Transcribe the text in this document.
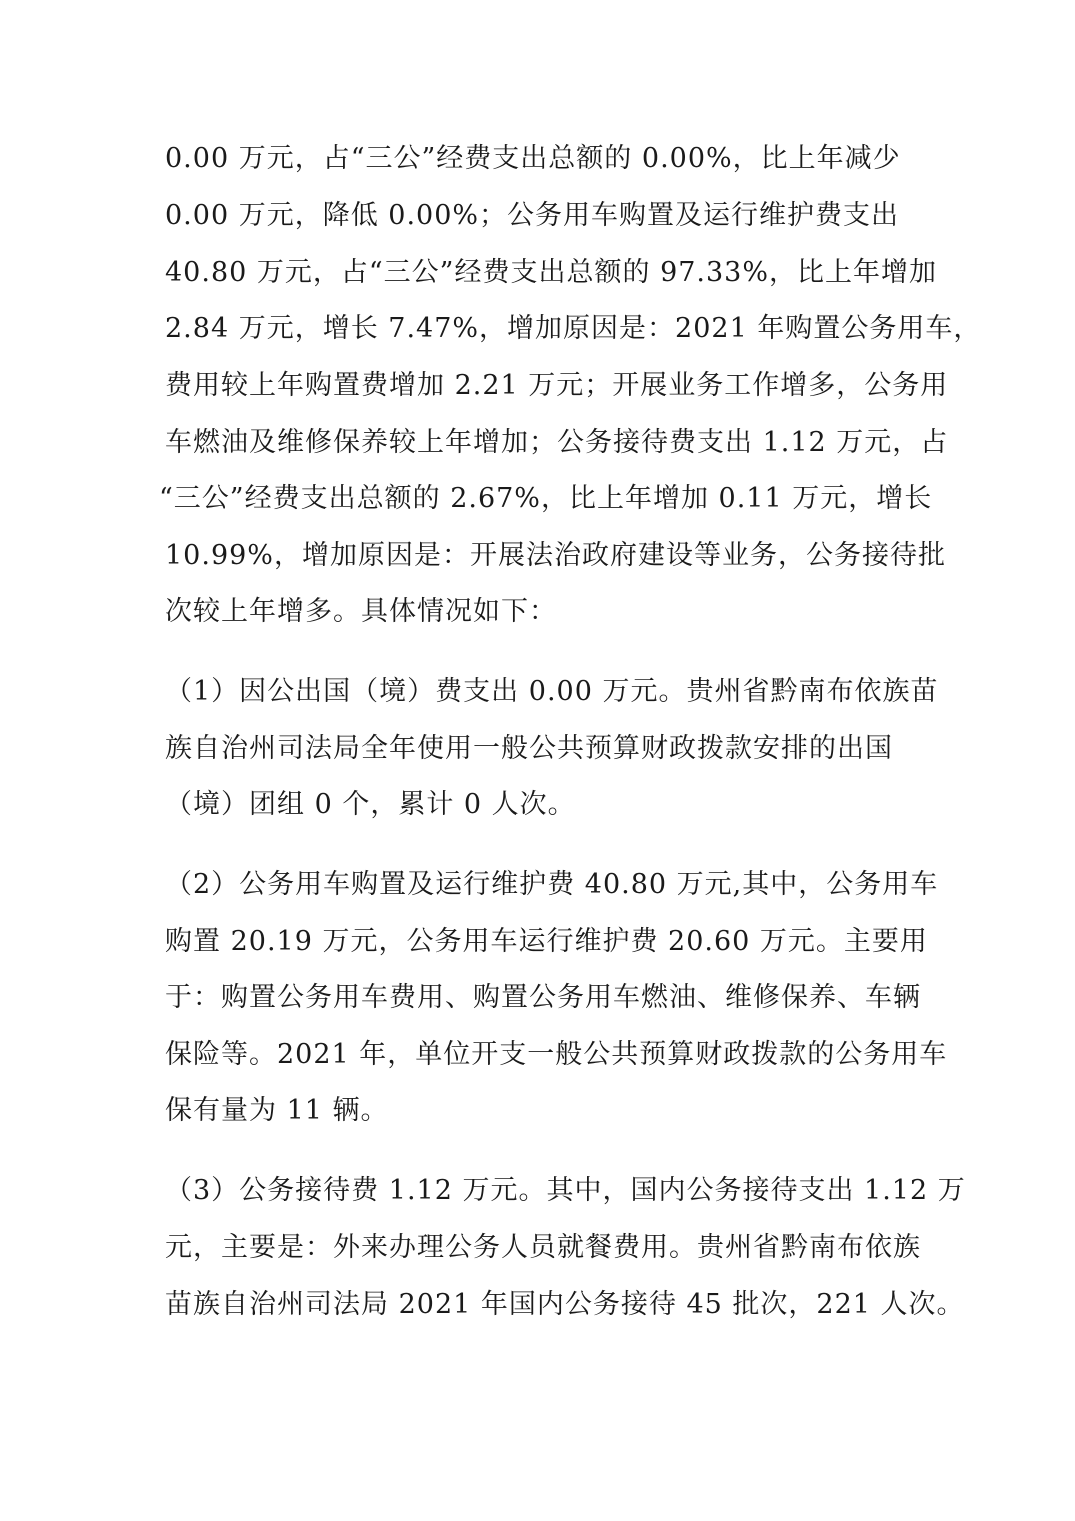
0.00 万元，占“三公”经费支出总额的 0.00%，比上年减少
0.00 万元，降低 0.00%；公务用车购置及运行维护费支出
40.80 万元，占“三公”经费支出总额的 97.33%，比上年增加
2.84 万元，增长 7.47%，增加原因是：2021 年购置公务用车，
费用较上年购置费增加 2.21 万元；开展业务工作增多，公务用
车燃油及维修保养较上年增加；公务接待费支出 1.12 万元，占
“三公”经费支出总额的 2.67%，比上年增加 0.11 万元，增长
10.99%，增加原因是：开展法治政府建设等业务，公务接待批
次较上年增多。具体情况如下：
（1）因公出国（境）费支出 0.00 万元。贵州省黔南布依族苗
族自治州司法局全年使用一般公共预算财政拨款安排的出国
（境）团组 0 个，累计 0 人次。
（2）公务用车购置及运行维护费 40.80 万元,其中，公务用车
购置 20.19 万元，公务用车运行维护费 20.60 万元。主要用
于：购置公务用车费用、购置公务用车燃油、维修保养、车辆
保险等。2021 年，单位开支一般公共预算财政拨款的公务用车
保有量为 11 辆。
（3）公务接待费 1.12 万元。其中，国内公务接待支出 1.12 万
元，主要是：外来办理公务人员就餐费用。贵州省黔南布依族
苗族自治州司法局 2021 年国内公务接待 45 批次，221 人次。
